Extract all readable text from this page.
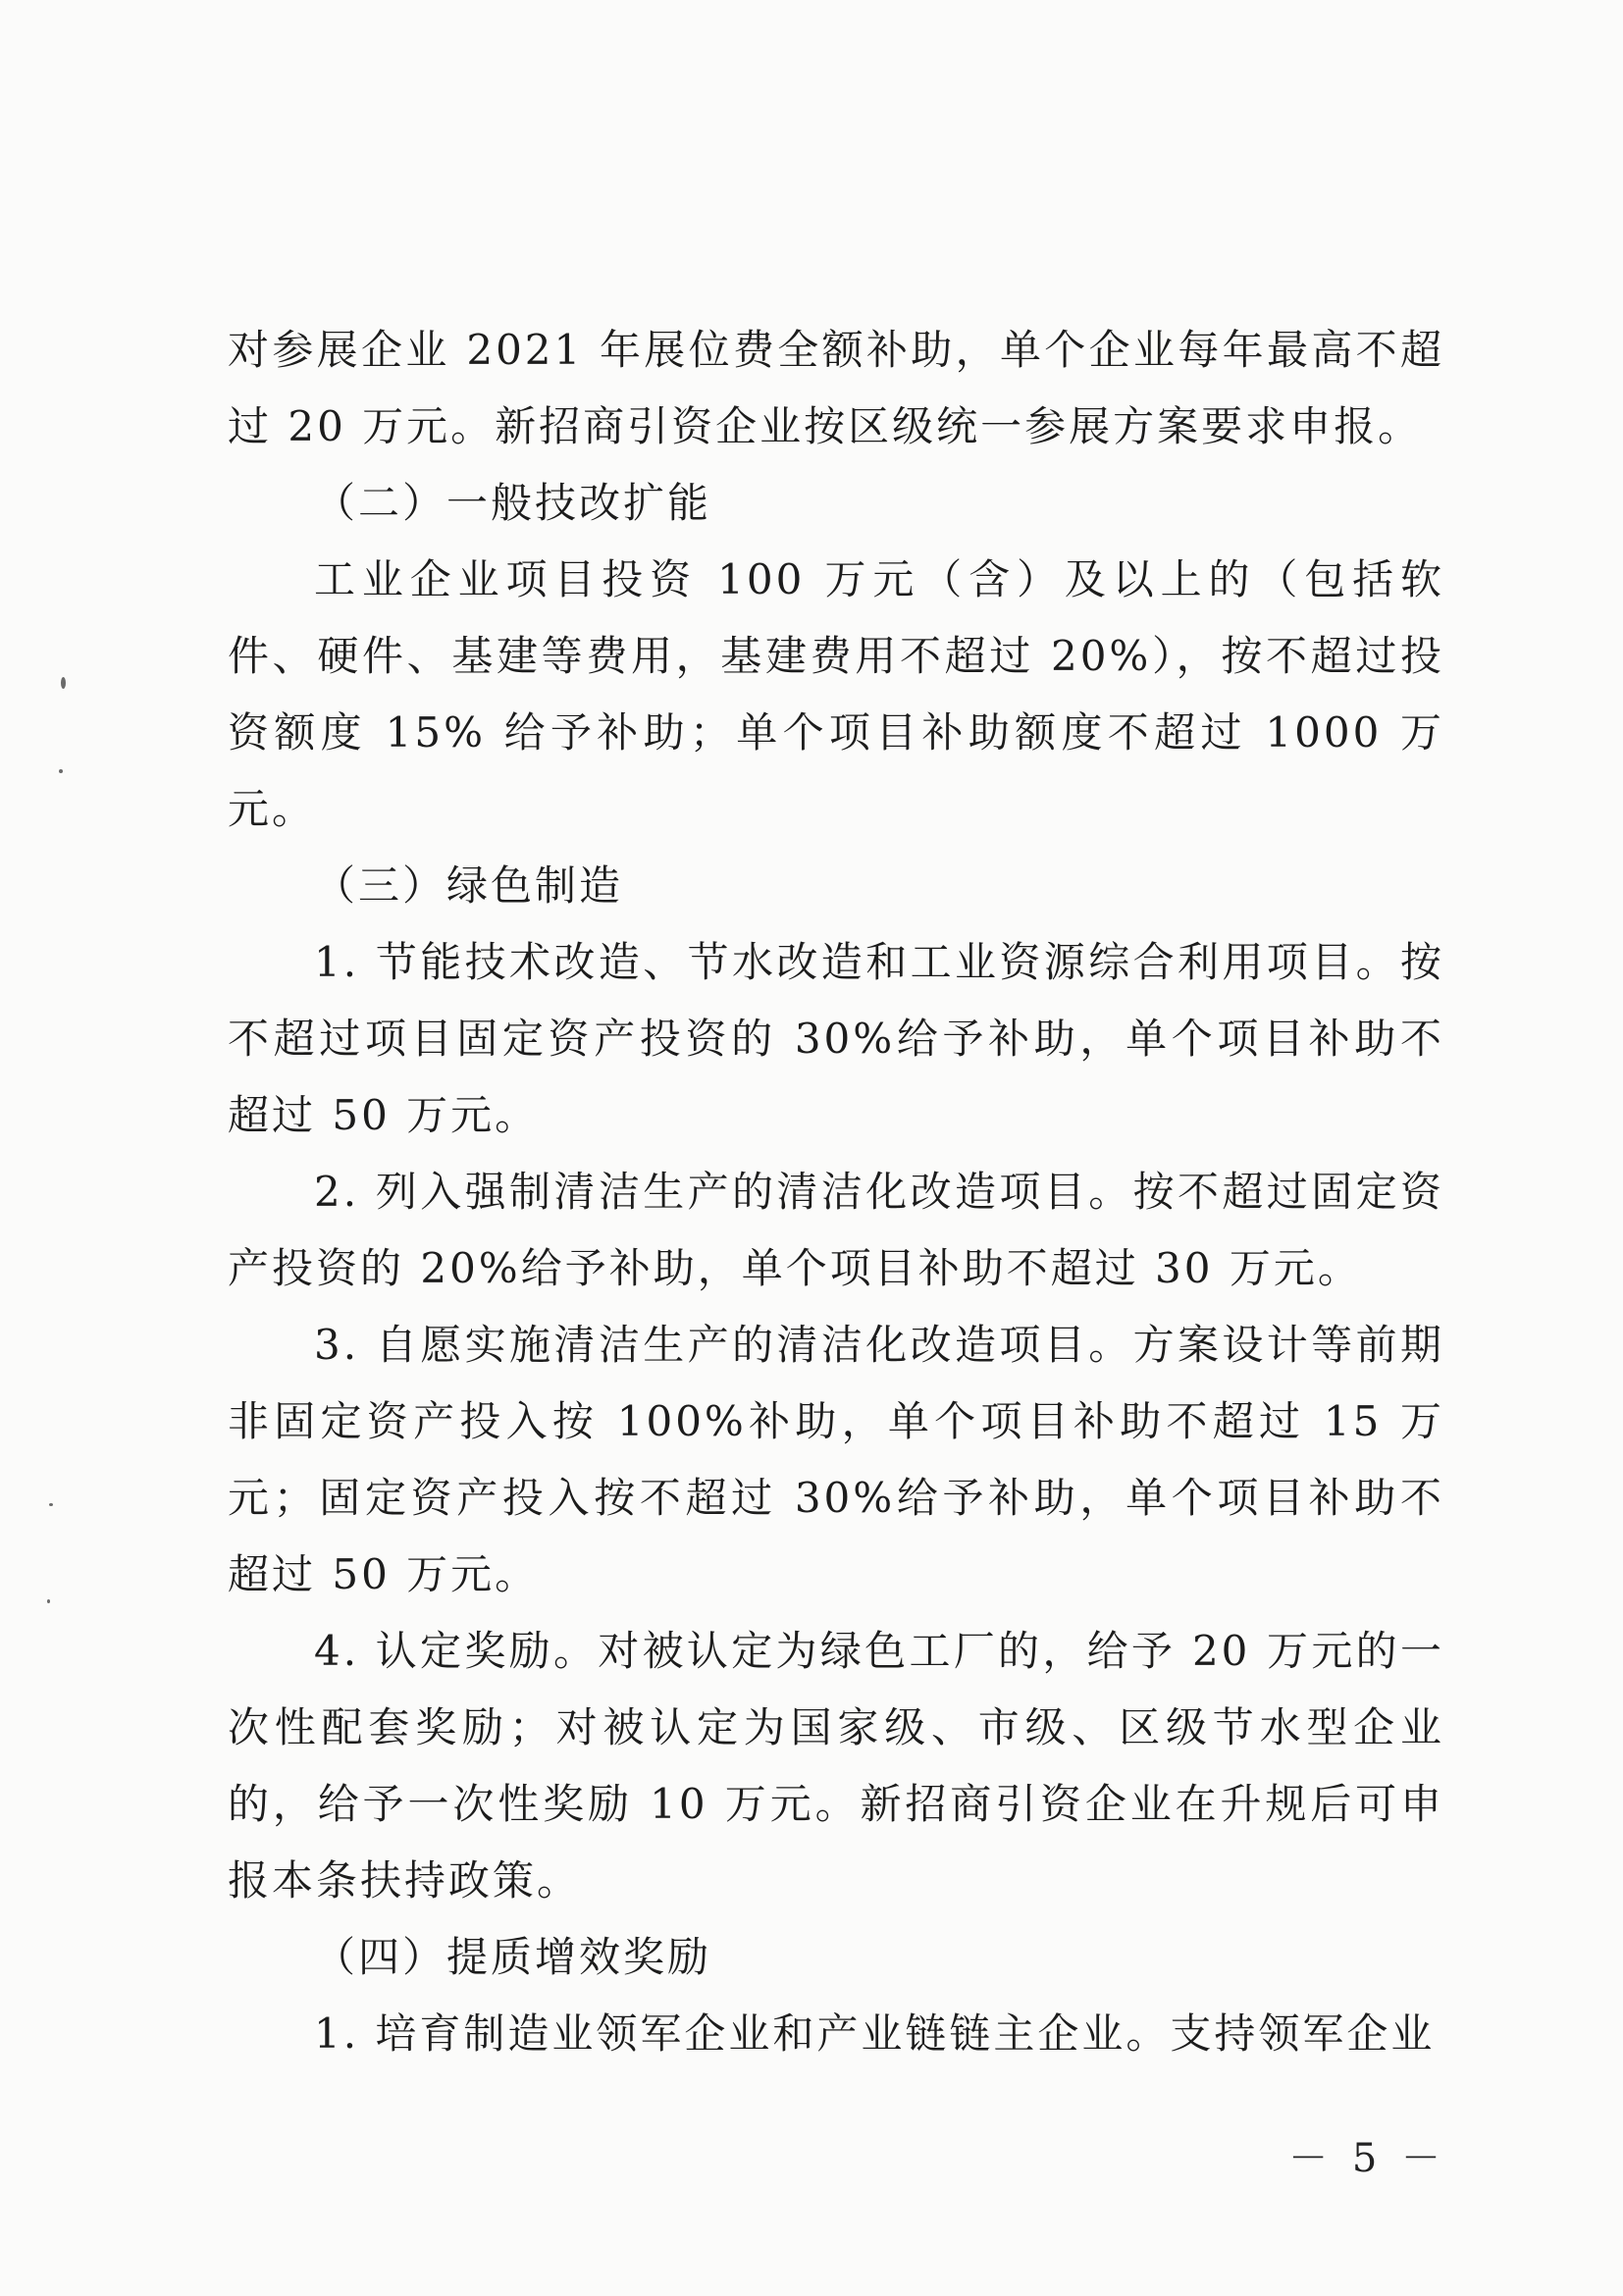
对参展企业 2021 年展位费全额补助，单个企业每年最高不超过 20 万元。新招商引资企业按区级统一参展方案要求申报。

（二）一般技改扩能

工业企业项目投资 100 万元（含）及以上的（包括软件、硬件、基建等费用，基建费用不超过 20%），按不超过投资额度 15% 给予补助；单个项目补助额度不超过 1000 万元。

（三）绿色制造

1. 节能技术改造、节水改造和工业资源综合利用项目。按不超过项目固定资产投资的 30%给予补助，单个项目补助不超过 50 万元。

2. 列入强制清洁生产的清洁化改造项目。按不超过固定资产投资的 20%给予补助，单个项目补助不超过 30 万元。

3. 自愿实施清洁生产的清洁化改造项目。方案设计等前期非固定资产投入按 100%补助，单个项目补助不超过 15 万元；固定资产投入按不超过 30%给予补助，单个项目补助不超过 50 万元。

4. 认定奖励。对被认定为绿色工厂的，给予 20 万元的一次性配套奖励；对被认定为国家级、市级、区级节水型企业的，给予一次性奖励 10 万元。新招商引资企业在升规后可申报本条扶持政策。

（四）提质增效奖励

1. 培育制造业领军企业和产业链链主企业。支持领军企业

－ 5 －
